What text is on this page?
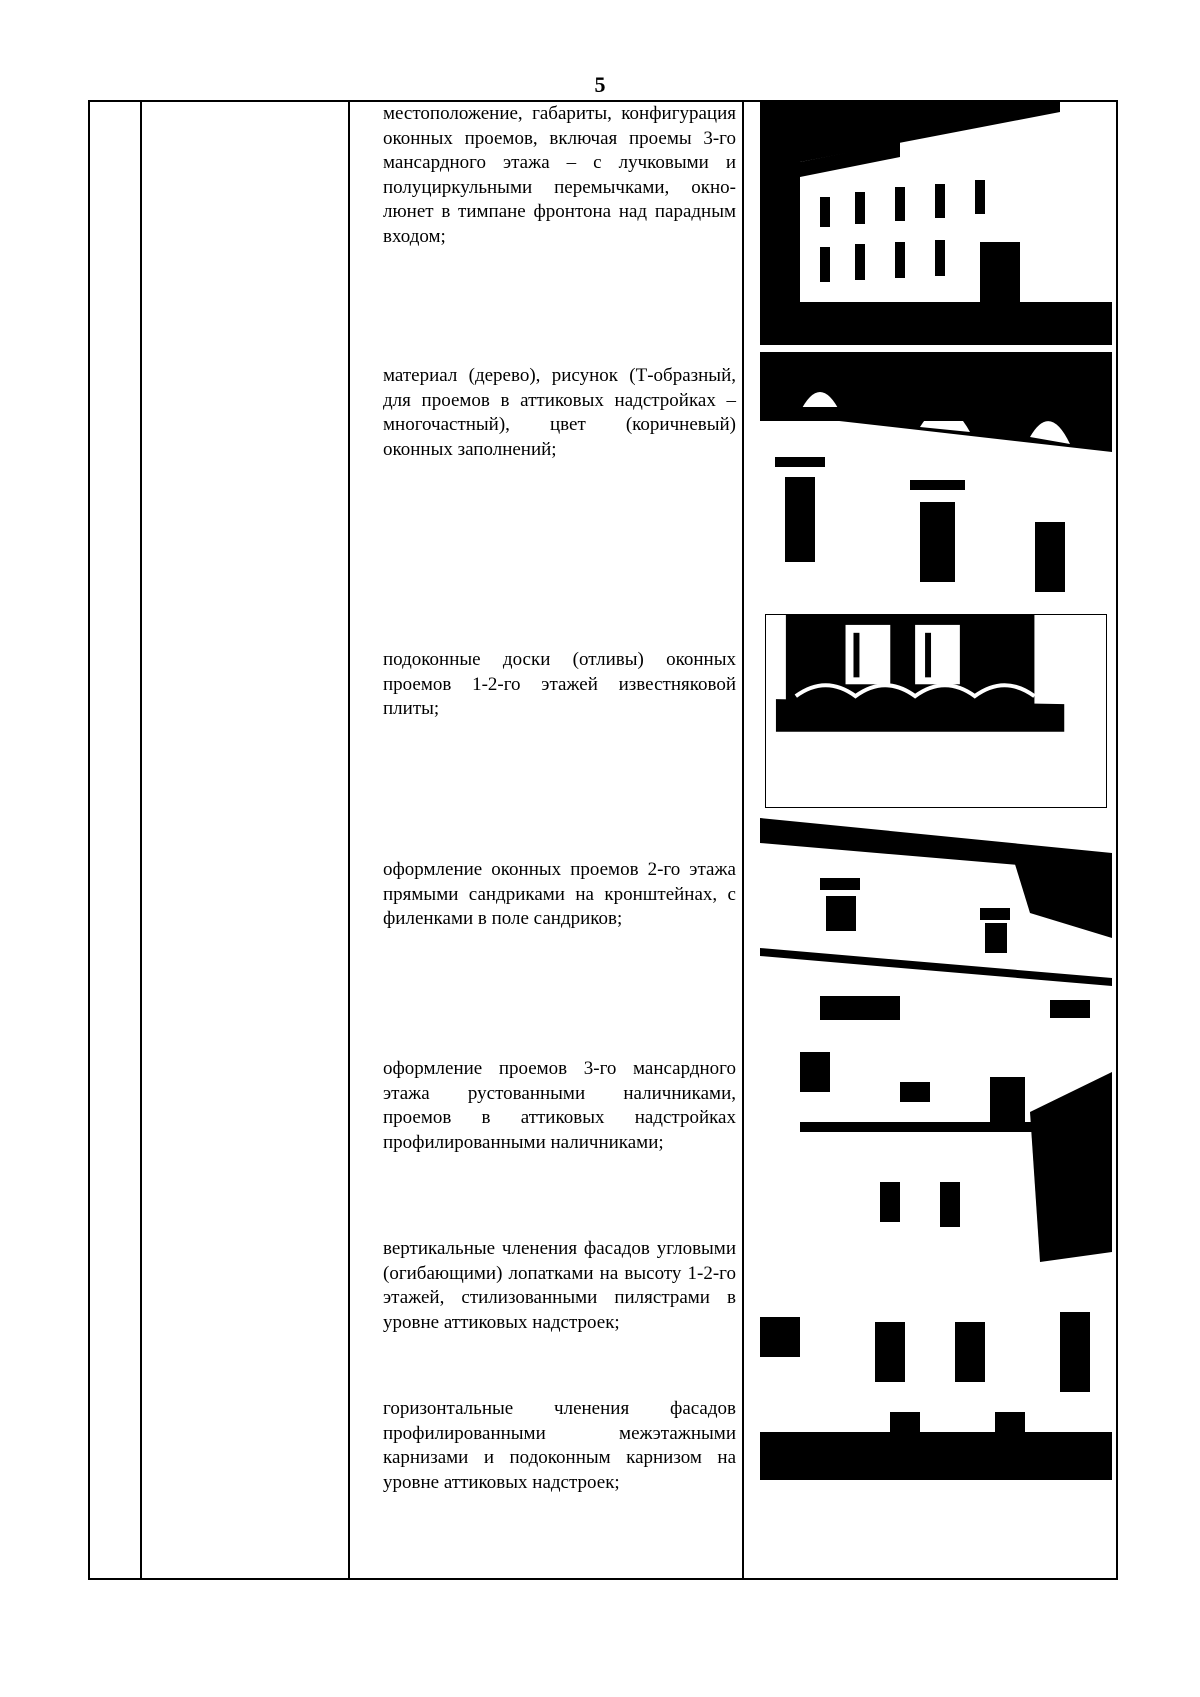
5
местоположение, габариты, конфигурация оконных проемов, включая проемы 3-го мансардного этажа – с лучковыми и полуциркульными перемычками, окно-люнет в тимпане фронтона над парадным входом;
материал (дерево), рисунок (Т-образный, для проемов в аттиковых надстройках – многочастный), цвет (коричневый) оконных заполнений;
подоконные доски (отливы) оконных проемов 1-2-го этажей известняковой плиты;
оформление оконных проемов 2-го этажа прямыми сандриками на кронштейнах, с филенками в поле сандриков;
оформление проемов 3-го мансардного этажа рустованными наличниками, проемов в аттиковых надстройках профилированными наличниками;
вертикальные членения фасадов угловыми (огибающими) лопатками на высоту 1-2-го этажей, стилизованными пилястрами в уровне аттиковых надстроек;
горизонтальные членения фасадов профилированными межэтажными карнизами и подоконным карнизом на уровне аттиковых надстроек;
